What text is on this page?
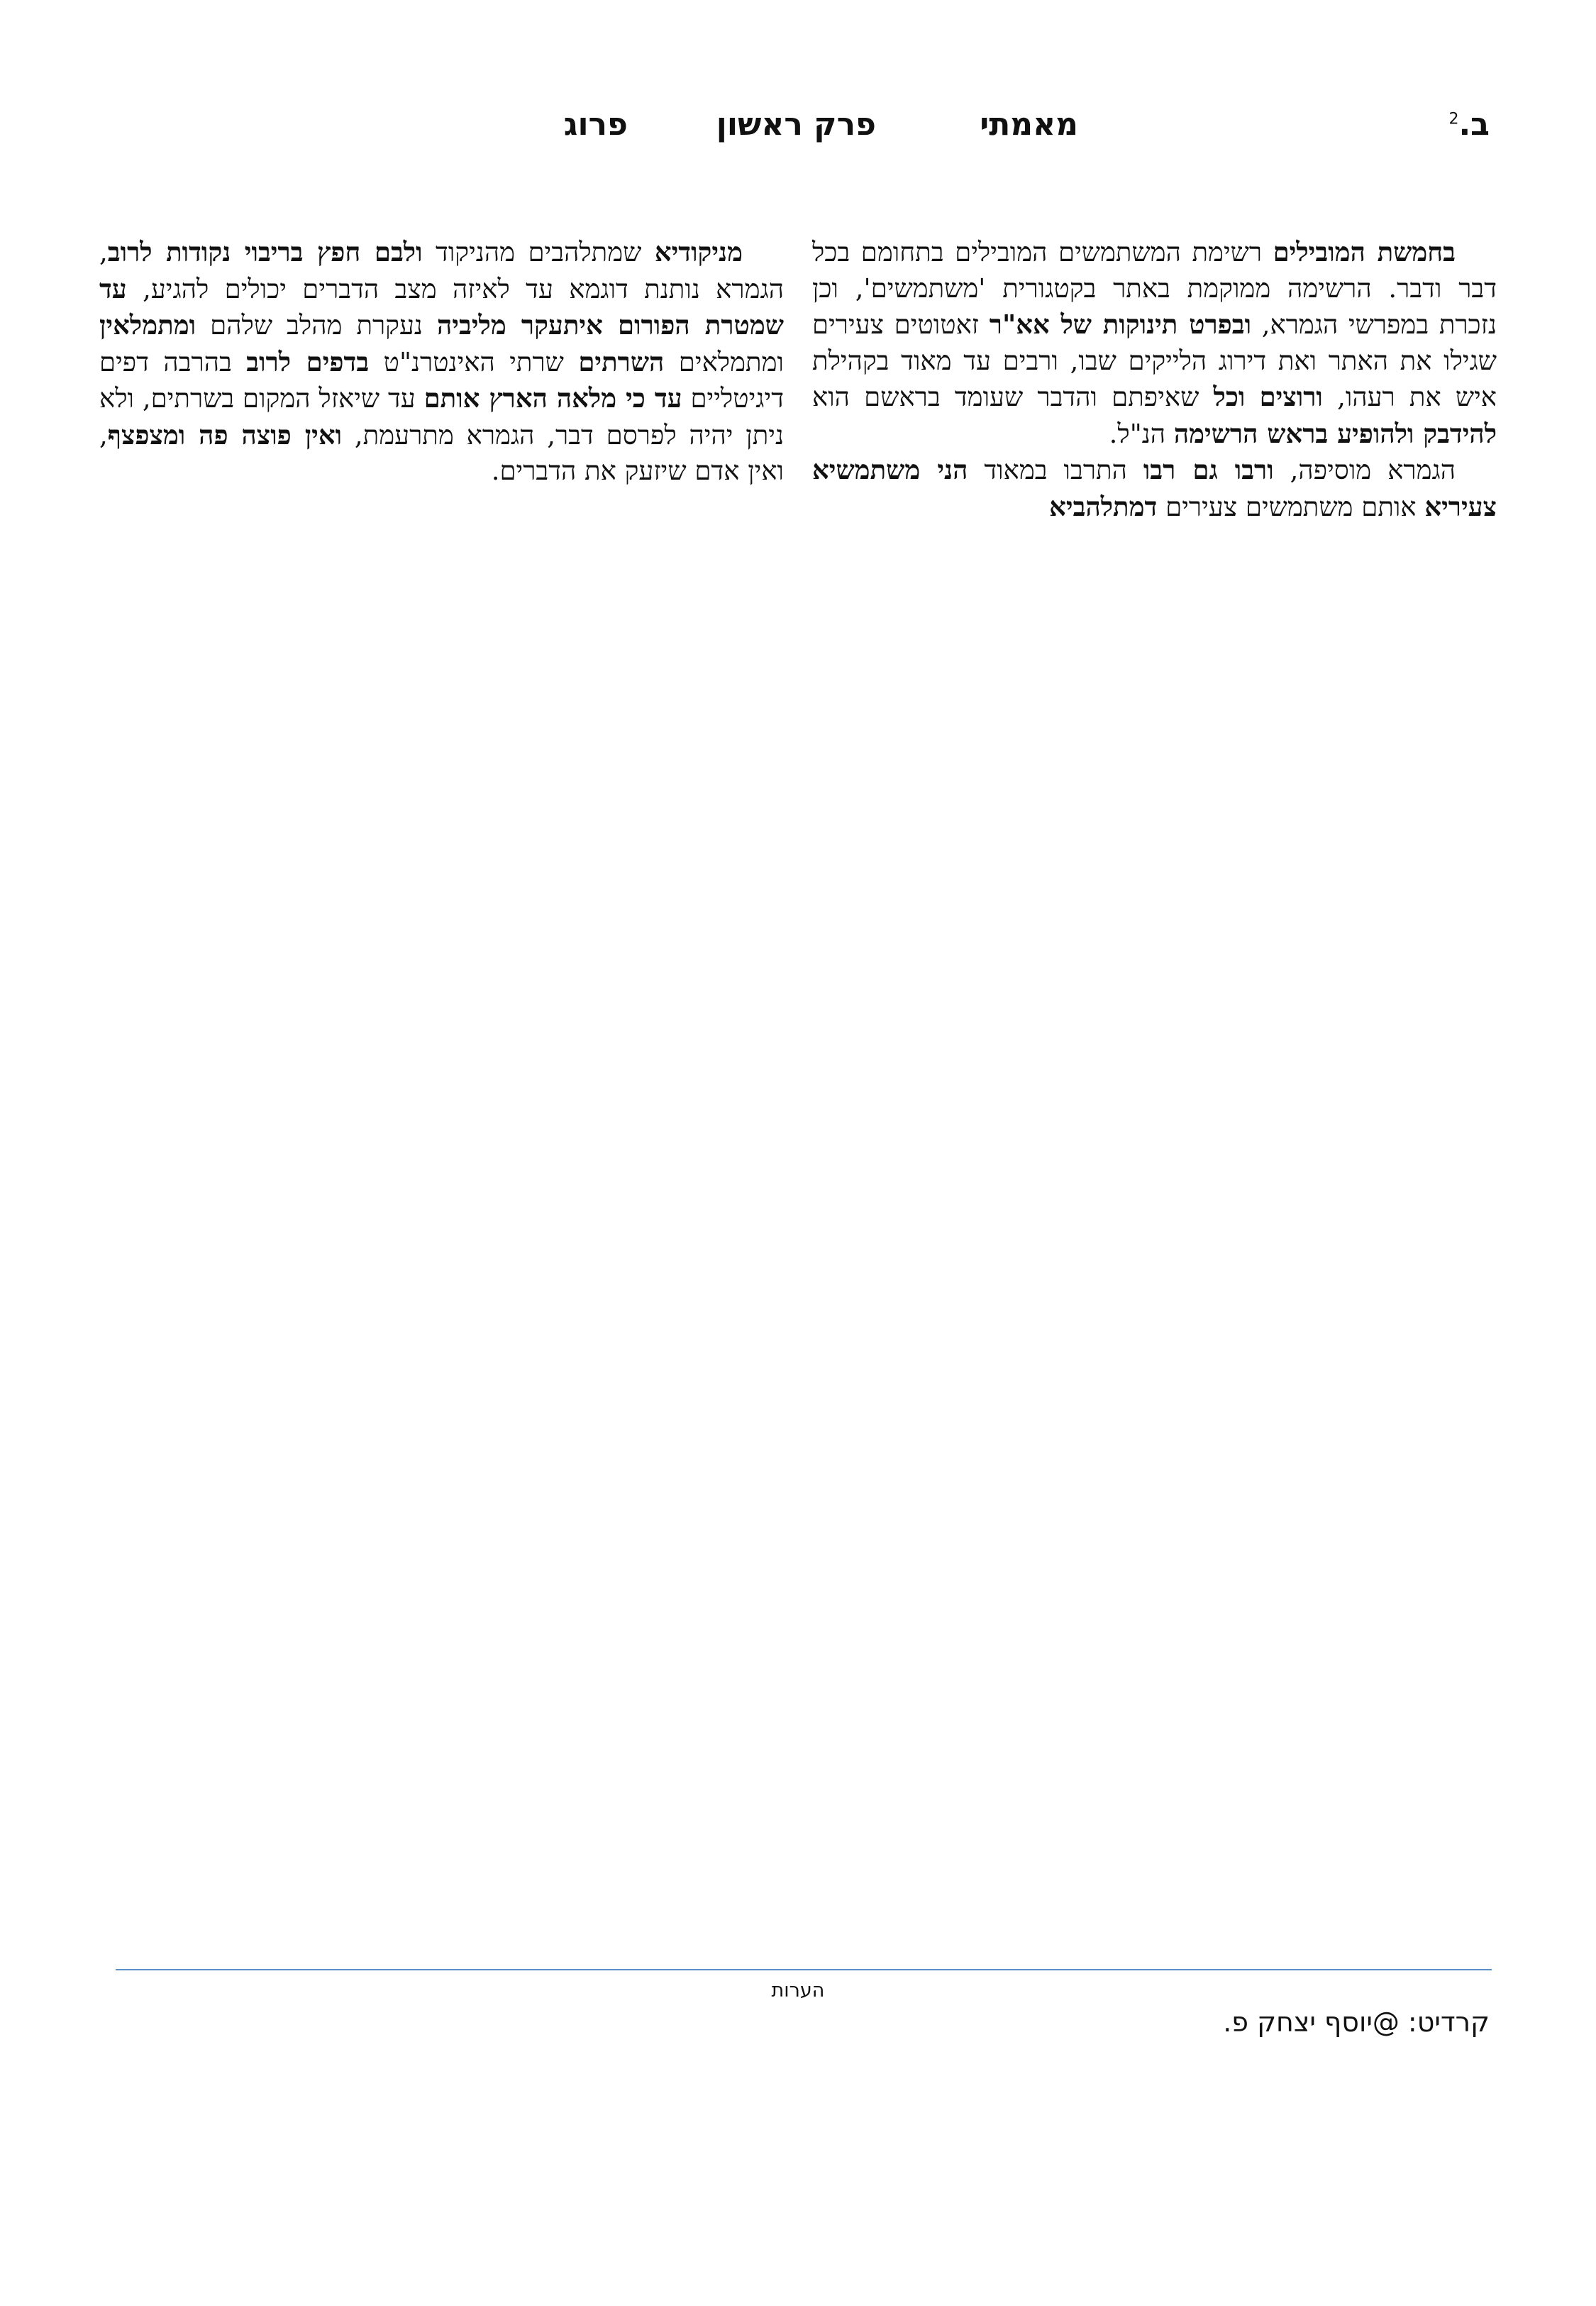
ב.$^2$
מאמתי
פרק ראשון
פרוג

בחמשת המובילים רשימת המשתמשים המובילים בתחומם בכל דבר ודבר. הרשימה ממוקמת באתר בקטגורית 'משתמשים', וכן נזכרת במפרשי הגמרא, ובפרט תינוקות של אא"ר זאטוטים צעירים שגילו את האתר ואת דירוג הלייקים שבו, ורבים עד מאוד בקהילת איש את רעהו, ורוצים וכל שאיפתם והדבר שעומד בראשם הוא להידבק ולהופיע בראש הרשימה הנ"ל.

הגמרא מוסיפה, ורבו גם רבו התרבו במאוד הני משתמשיא צעיריא אותם משתמשים צעירים דמתלהביא

מניקודיא שמתלהבים מהניקוד ולבם חפץ בריבוי נקודות לרוב, הגמרא נותנת דוגמא עד לאיזה מצב הדברים יכולים להגיע, עד שמטרת הפורום איתעקר מליביה נעקרת מהלב שלהם ומתמלאין ומתמלאים השרתים שרתי האינטרנ"ט בדפים לרוב בהרבה דפים דיגיטליים עד כי מלאה הארץ אותם עד שיאזל המקום בשרתים, ולא ניתן יהיה לפרסם דבר, הגמרא מתרעמת, ואין פוצה פה ומצפצף, ואין אדם שיזעק את הדברים.

הערות
קרדיט: @יוסף יצחק פ.
